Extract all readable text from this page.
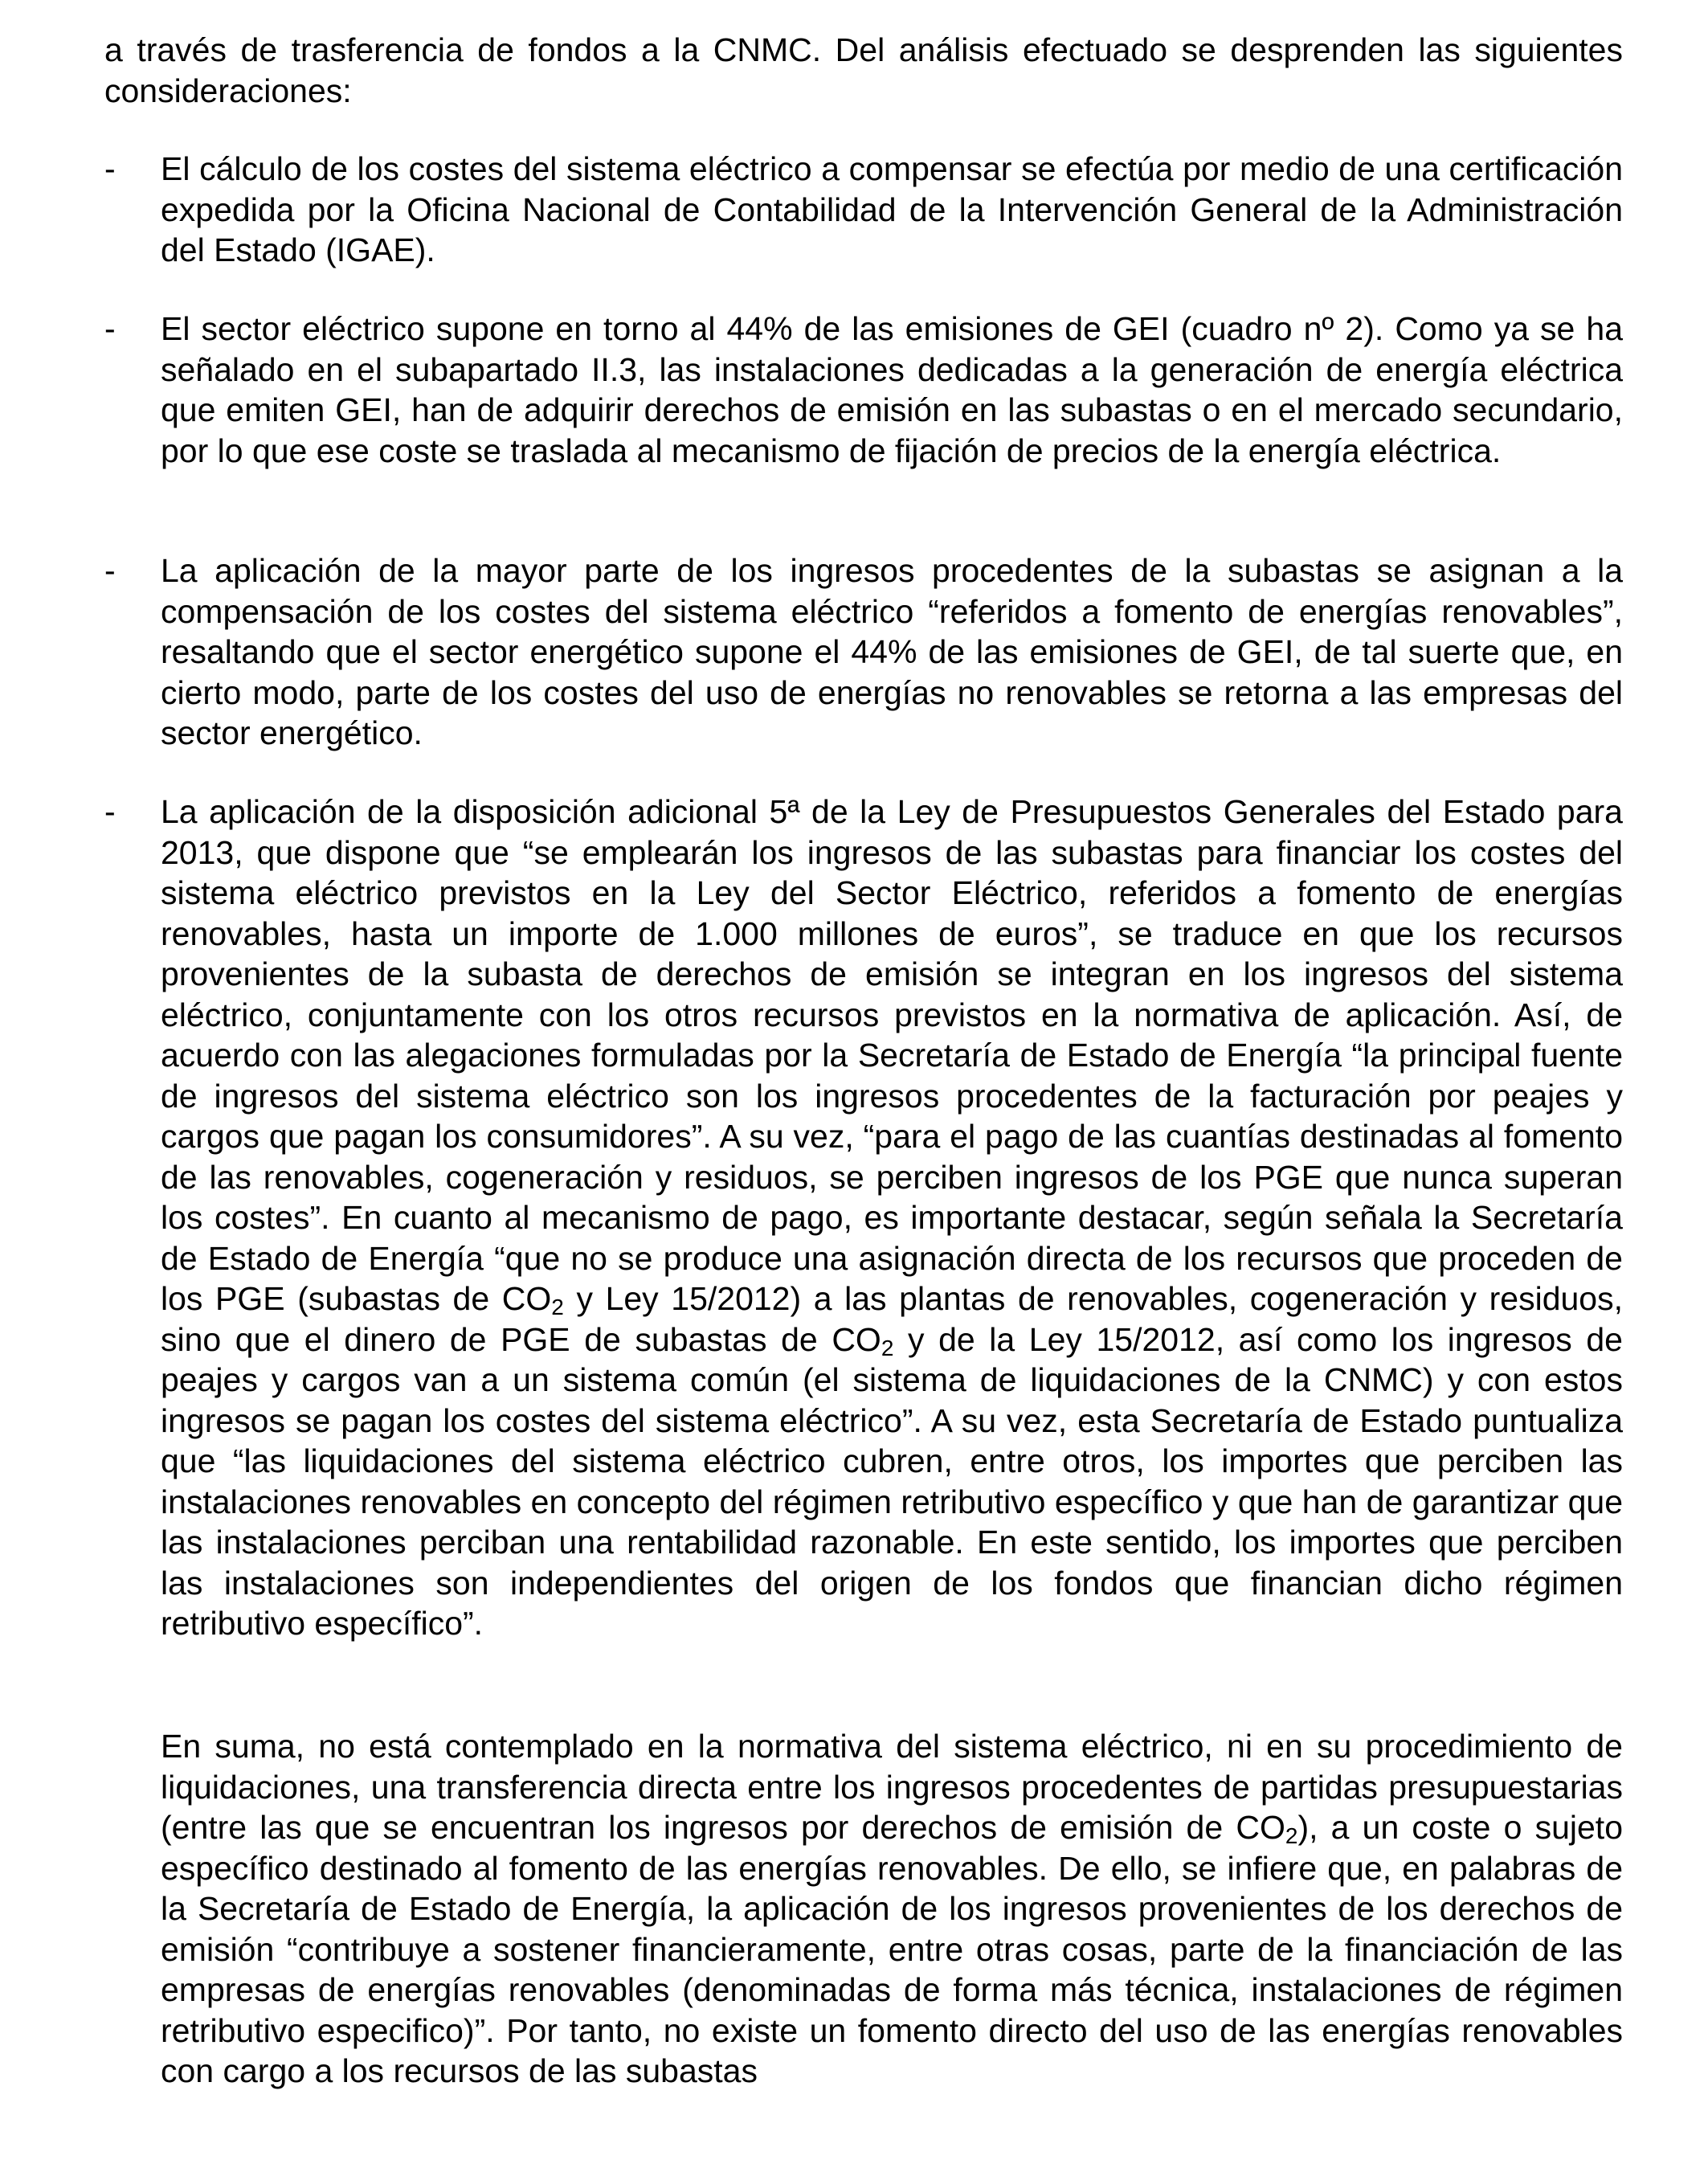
a través de trasferencia de fondos a la CNMC. Del análisis efectuado se desprenden las siguientes consideraciones:

-	El cálculo de los costes del sistema eléctrico a compensar se efectúa por medio de una certificación expedida por la Oficina Nacional de Contabilidad de la Intervención General de la Administración del Estado (IGAE).

-	El sector eléctrico supone en torno al 44% de las emisiones de GEI (cuadro nº 2). Como ya se ha señalado en el subapartado II.3, las instalaciones dedicadas a la generación de energía eléctrica que emiten GEI, han de adquirir derechos de emisión en las subastas o en el mercado secundario, por lo que ese coste se traslada al mecanismo de fijación de precios de la energía eléctrica.

-	La aplicación de la mayor parte de los ingresos procedentes de la subastas se asignan a la compensación de los costes del sistema eléctrico “referidos a fomento de energías renovables”, resaltando que el sector energético supone el 44% de las emisiones de GEI, de tal suerte que, en cierto modo, parte de los costes del uso de energías no renovables se retorna a las empresas del sector energético.

-	La aplicación de la disposición adicional 5ª de la Ley de Presupuestos Generales del Estado para 2013, que dispone que “se emplearán los ingresos de las subastas para financiar los costes del sistema eléctrico previstos en la Ley del Sector Eléctrico, referidos a fomento de energías renovables, hasta un importe de 1.000 millones de euros”, se traduce en que los recursos provenientes de la subasta de derechos de emisión se integran en los ingresos del sistema eléctrico, conjuntamente con los otros recursos previstos en la normativa de aplicación. Así, de acuerdo con las alegaciones formuladas por la Secretaría de Estado de Energía “la principal fuente de ingresos del sistema eléctrico son los ingresos procedentes de la facturación por peajes y cargos que pagan los consumidores”. A su vez, “para el pago de las cuantías destinadas al fomento de las renovables, cogeneración y residuos, se perciben ingresos de los PGE que nunca superan los costes”. En cuanto al mecanismo de pago, es importante destacar, según señala la Secretaría de Estado de Energía “que no se produce una asignación directa de los recursos que proceden de los PGE (subastas de $CO_2$ y Ley 15/2012) a las plantas de renovables, cogeneración y residuos, sino que el dinero de PGE de subastas de $CO_2$ y de la Ley 15/2012, así como los ingresos de peajes y cargos van a un sistema común (el sistema de liquidaciones de la CNMC) y con estos ingresos se pagan los costes del sistema eléctrico”. A su vez, esta Secretaría de Estado puntualiza que “las liquidaciones del sistema eléctrico cubren, entre otros, los importes que perciben las instalaciones renovables en concepto del régimen retributivo específico y que han de garantizar que las instalaciones perciban una rentabilidad razonable. En este sentido, los importes que perciben las instalaciones son independientes del origen de los fondos que financian dicho régimen retributivo específico”.

En suma, no está contemplado en la normativa del sistema eléctrico, ni en su procedimiento de liquidaciones, una transferencia directa entre los ingresos procedentes de partidas presupuestarias (entre las que se encuentran los ingresos por derechos de emisión de $CO_2$), a un coste o sujeto específico destinado al fomento de las energías renovables. De ello, se infiere que, en palabras de la Secretaría de Estado de Energía, la aplicación de los ingresos provenientes de los derechos de emisión “contribuye a sostener financieramente, entre otras cosas, parte de la financiación de las empresas de energías renovables (denominadas de forma más técnica, instalaciones de régimen retributivo especifico)”. Por tanto, no existe un fomento directo del uso de las energías renovables con cargo a los recursos de las subastas
